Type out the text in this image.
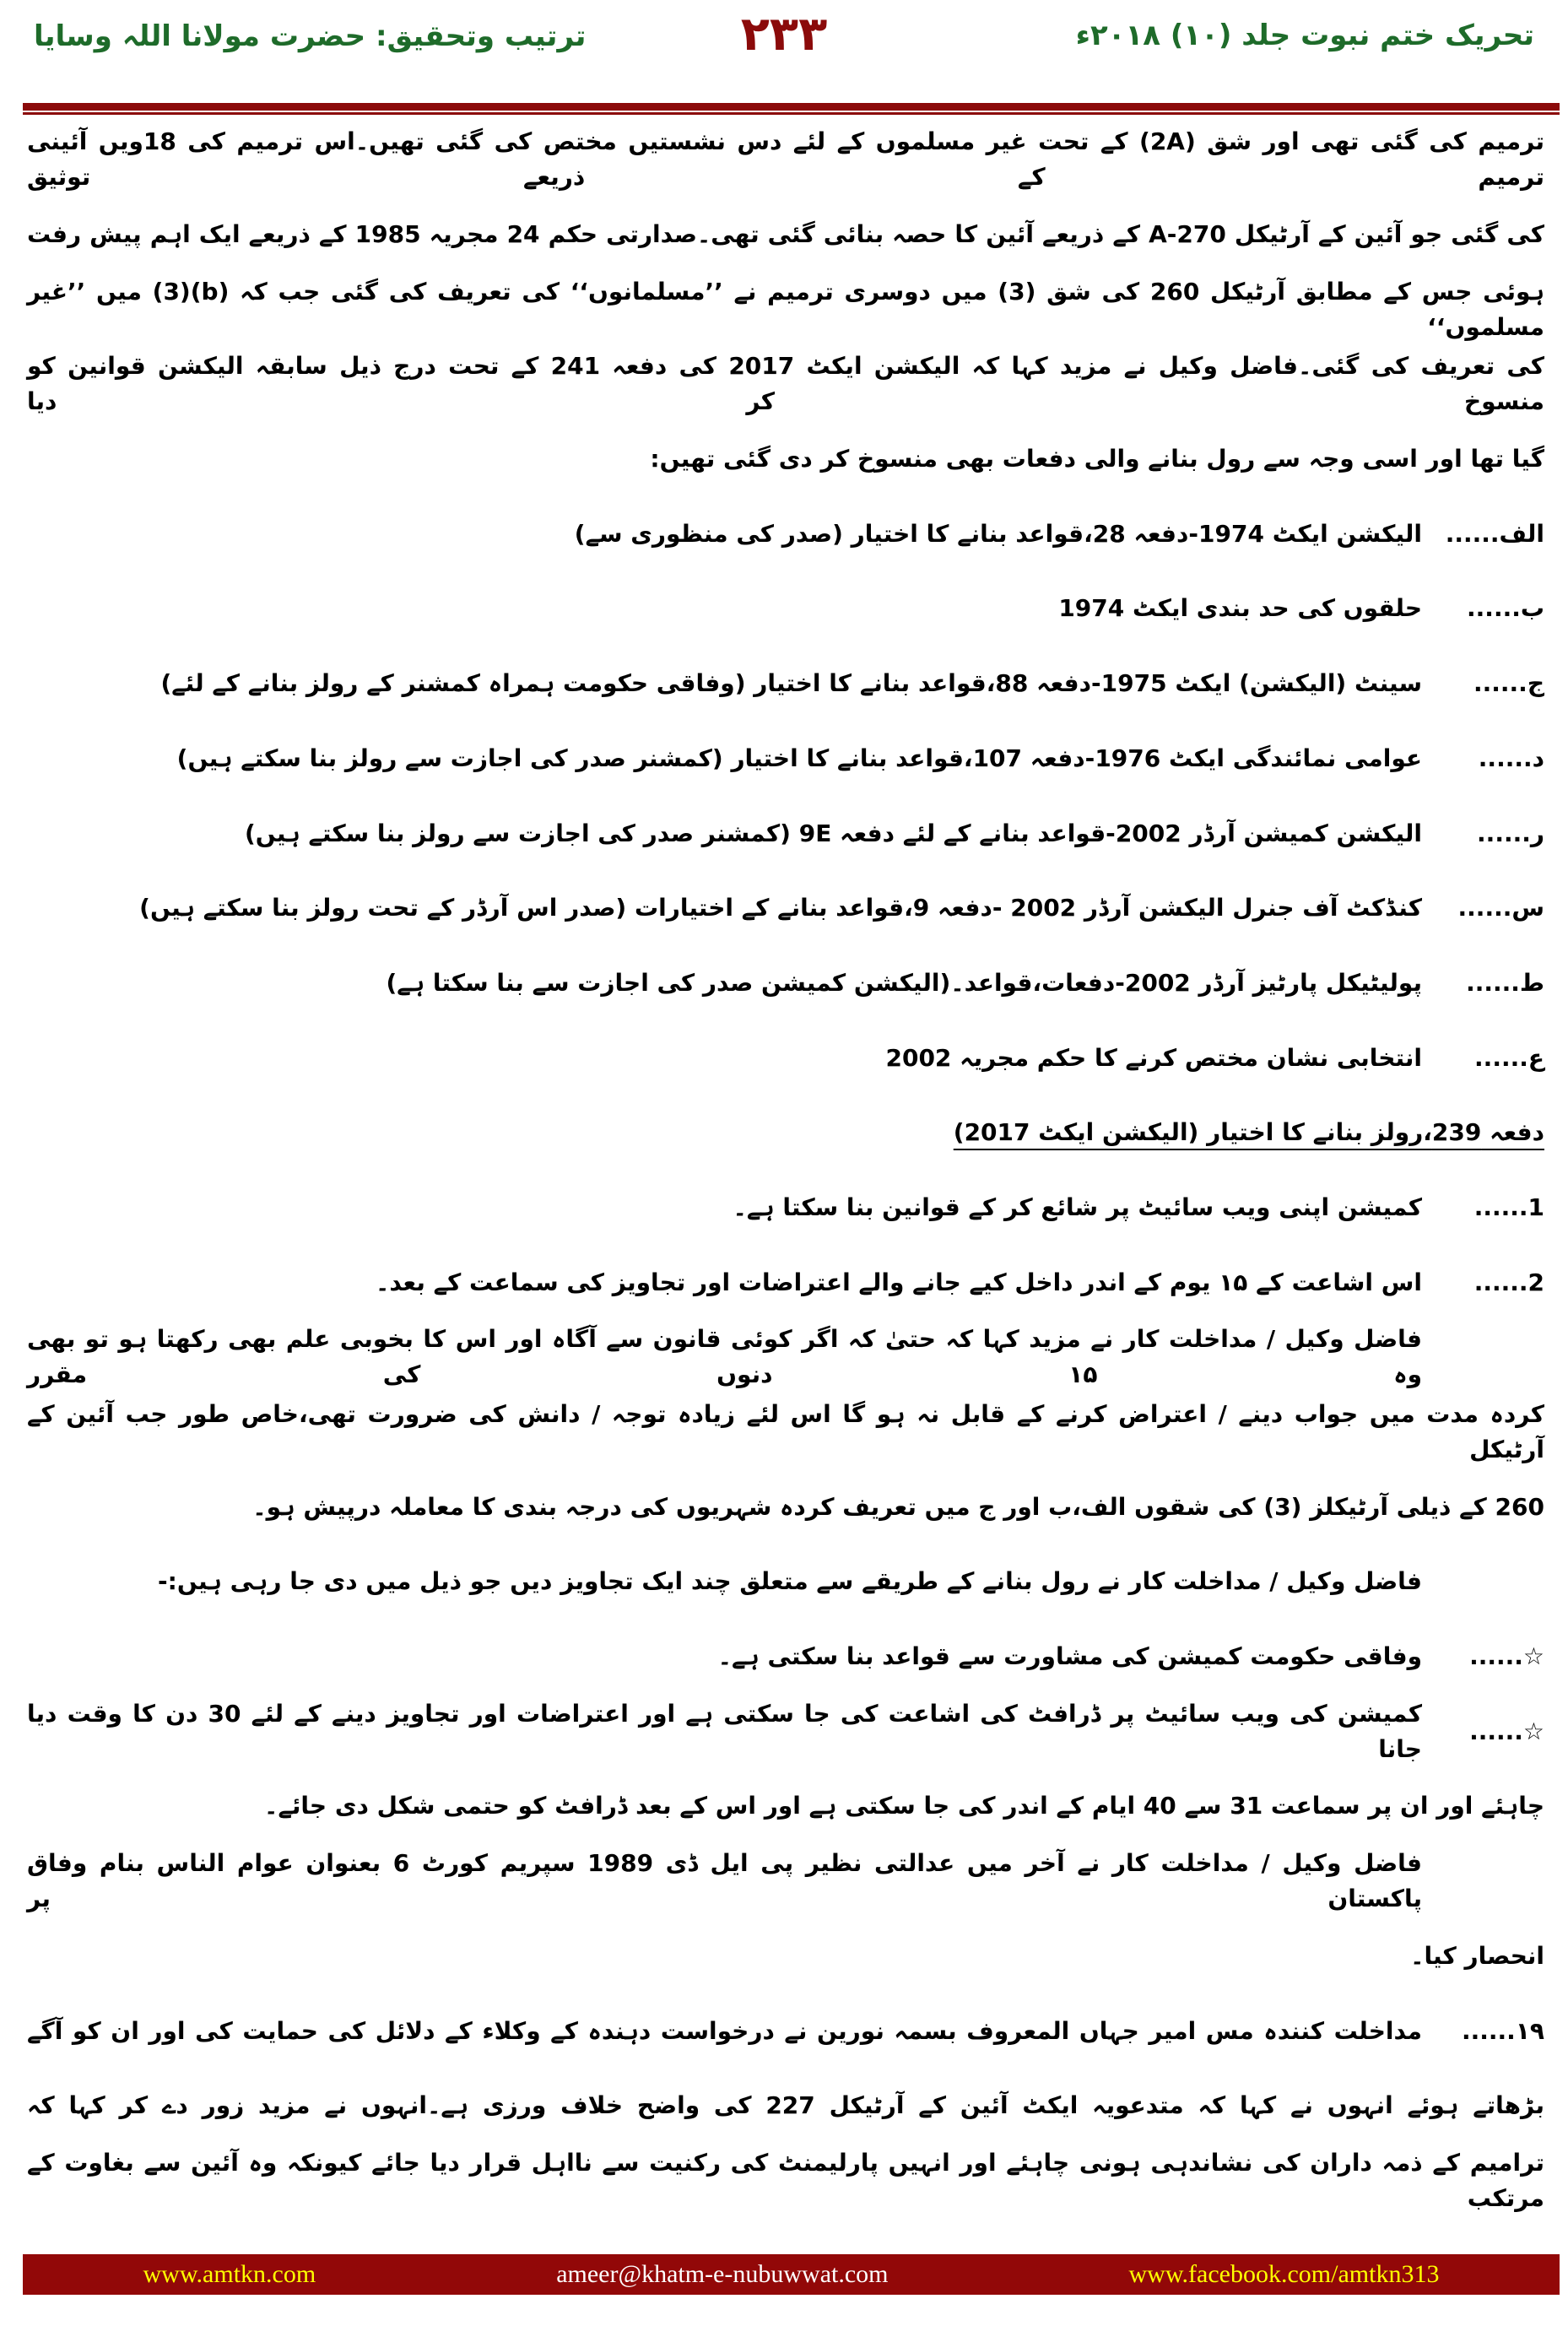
تحریک ختم نبوت جلد (۱۰) ۲۰۱۸ء
۲۳۳
ترتیب وتحقیق: حضرت مولانا اللہ وسایا
ترمیم کی گئی تھی اور شق (2A) کے تحت غیر مسلموں کے لئے دس نشستیں مختص کی گئی تھیں۔اس ترمیم کی 18ویں آئینی ترمیم کے ذریعے توثیق
کی گئی جو آئین کے آرٹیکل A-270 کے ذریعے آئین کا حصہ بنائی گئی تھی۔صدارتی حکم 24 مجریہ 1985 کے ذریعے ایک اہم پیش رفت
ہوئی جس کے مطابق آرٹیکل 260 کی شق (3) میں دوسری ترمیم نے ’’مسلمانوں‘‘ کی تعریف کی گئی جب کہ (b)(3) میں ’’غیر مسلموں‘‘
کی تعریف کی گئی۔فاضل وکیل نے مزید کہا کہ الیکشن ایکٹ 2017 کی دفعہ 241 کے تحت درج ذیل سابقہ الیکشن قوانین کو منسوخ کر دیا
گیا تھا اور اسی وجہ سے رول بنانے والی دفعات بھی منسوخ کر دی گئی تھیں:
الف......
الیکشن ایکٹ 1974-دفعہ 28،قواعد بنانے کا اختیار (صدر کی منظوری سے)
ب......
حلقوں کی حد بندی ایکٹ 1974
ج......
سینٹ (الیکشن) ایکٹ 1975-دفعہ 88،قواعد بنانے کا اختیار (وفاقی حکومت ہمراہ کمشنر کے رولز بنانے کے لئے)
د......
عوامی نمائندگی ایکٹ 1976-دفعہ 107،قواعد بنانے کا اختیار (کمشنر صدر کی اجازت سے رولز بنا سکتے ہیں)
ر......
الیکشن کمیشن آرڈر 2002-قواعد بنانے کے لئے دفعہ 9E (کمشنر صدر کی اجازت سے رولز بنا سکتے ہیں)
س......
کنڈکٹ آف جنرل الیکشن آرڈر 2002 -دفعہ 9،قواعد بنانے کے اختیارات (صدر اس آرڈر کے تحت رولز بنا سکتے ہیں)
ط......
پولیٹیکل پارٹیز آرڈر 2002-دفعات،قواعد۔(الیکشن کمیشن صدر کی اجازت سے بنا سکتا ہے)
ع......
انتخابی نشان مختص کرنے کا حکم مجریہ 2002
دفعہ 239،رولز بنانے کا اختیار (الیکشن ایکٹ 2017)
1......
کمیشن اپنی ویب سائیٹ پر شائع کر کے قوانین بنا سکتا ہے۔
2......
اس اشاعت کے ۱۵ یوم کے اندر داخل کیے جانے والے اعتراضات اور تجاویز کی سماعت کے بعد۔
فاضل وکیل / مداخلت کار نے مزید کہا کہ حتیٰ کہ اگر کوئی قانون سے آگاہ اور اس کا بخوبی علم بھی رکھتا ہو تو بھی وہ ۱۵ دنوں کی مقرر
کردہ مدت میں جواب دینے / اعتراض کرنے کے قابل نہ ہو گا اس لئے زیادہ توجہ / دانش کی ضرورت تھی،خاص طور جب آئین کے آرٹیکل
260 کے ذیلی آرٹیکلز (3) کی شقوں الف،ب اور ج میں تعریف کردہ شہریوں کی درجہ بندی کا معاملہ درپیش ہو۔
فاضل وکیل / مداخلت کار نے رول بنانے کے طریقے سے متعلق چند ایک تجاویز دیں جو ذیل میں دی جا رہی ہیں:-
☆......
وفاقی حکومت کمیشن کی مشاورت سے قواعد بنا سکتی ہے۔
☆......
کمیشن کی ویب سائیٹ پر ڈرافٹ کی اشاعت کی جا سکتی ہے اور اعتراضات اور تجاویز دینے کے لئے 30 دن کا وقت دیا جانا
چاہئے اور ان پر سماعت 31 سے 40 ایام کے اندر کی جا سکتی ہے اور اس کے بعد ڈرافٹ کو حتمی شکل دی جائے۔
فاضل وکیل / مداخلت کار نے آخر میں عدالتی نظیر پی ایل ڈی 1989 سپریم کورٹ 6 بعنوان عوام الناس بنام وفاق پاکستان پر
انحصار کیا۔
۱۹......
مداخلت کنندہ مس امیر جہاں المعروف بسمہ نورین نے درخواست دہندہ کے وکلاء کے دلائل کی حمایت کی اور ان کو آگے
بڑھاتے ہوئے انہوں نے کہا کہ متدعویہ ایکٹ آئین کے آرٹیکل 227 کی واضح خلاف ورزی ہے۔انہوں نے مزید زور دے کر کہا کہ
ترامیم کے ذمہ داران کی نشاندہی ہونی چاہئے اور انہیں پارلیمنٹ کی رکنیت سے نااہل قرار دیا جائے کیونکہ وہ آئین سے بغاوت کے مرتکب
www.amtkn.com	ameer@khatm-e-nubuwwat.com	www.facebook.com/amtkn313
